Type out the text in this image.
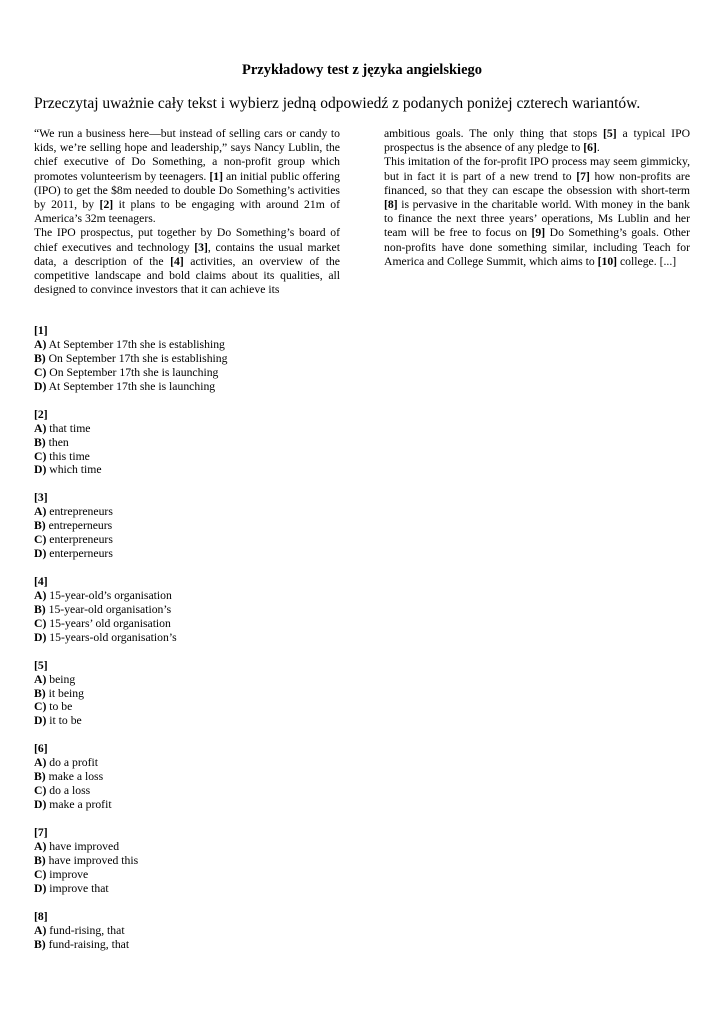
Przykładowy test z języka angielskiego
Przeczytaj uważnie cały tekst i wybierz jedną odpowiedź z podanych poniżej czterech wariantów.

“We run a business here—but instead of selling cars or candy to kids, we’re selling hope and leadership,” says Nancy Lublin, the chief executive of Do Something, a non-profit group which promotes volunteerism by teenagers. [1] an initial public offering (IPO) to get the $8m needed to double Do Something’s activities by 2011, by [2] it plans to be engaging with around 21m of America’s 32m teenagers.

The IPO prospectus, put together by Do Something’s board of chief executives and technology [3], contains the usual market data, a description of the [4] activities, an overview of the competitive landscape and bold claims about its qualities, all designed to convince investors that it can achieve its

ambitious goals. The only thing that stops [5] a typical IPO prospectus is the absence of any pledge to [6].

This imitation of the for-profit IPO process may seem gimmicky, but in fact it is part of a new trend to [7] how non-profits are financed, so that they can escape the obsession with short-term [8] is pervasive in the charitable world. With money in the bank to finance the next three years’ operations, Ms Lublin and her team will be free to focus on [9] Do Something’s goals. Other non-profits have done something similar, including Teach for America and College Summit, which aims to [10] college. [...]

[1]
A) At September 17th she is establishing
B) On September 17th she is establishing
C) On September 17th she is launching
D) At September 17th she is launching
[2]
A) that time
B) then
C) this time
D) which time
[3]
A) entrepreneurs
B) entreperneurs
C) enterpreneurs
D) enterperneurs
[4]
A) 15-year-old’s organisation
B) 15-year-old organisation’s
C) 15-years’ old organisation
D) 15-years-old organisation’s
[5]
A) being
B) it being
C) to be
D) it to be
[6]
A) do a profit
B) make a loss
C) do a loss
D) make a profit
[7]
A) have improved
B) have improved this
C) improve
D) improve that
[8]
A) fund-rising, that
B) fund-raising, that
